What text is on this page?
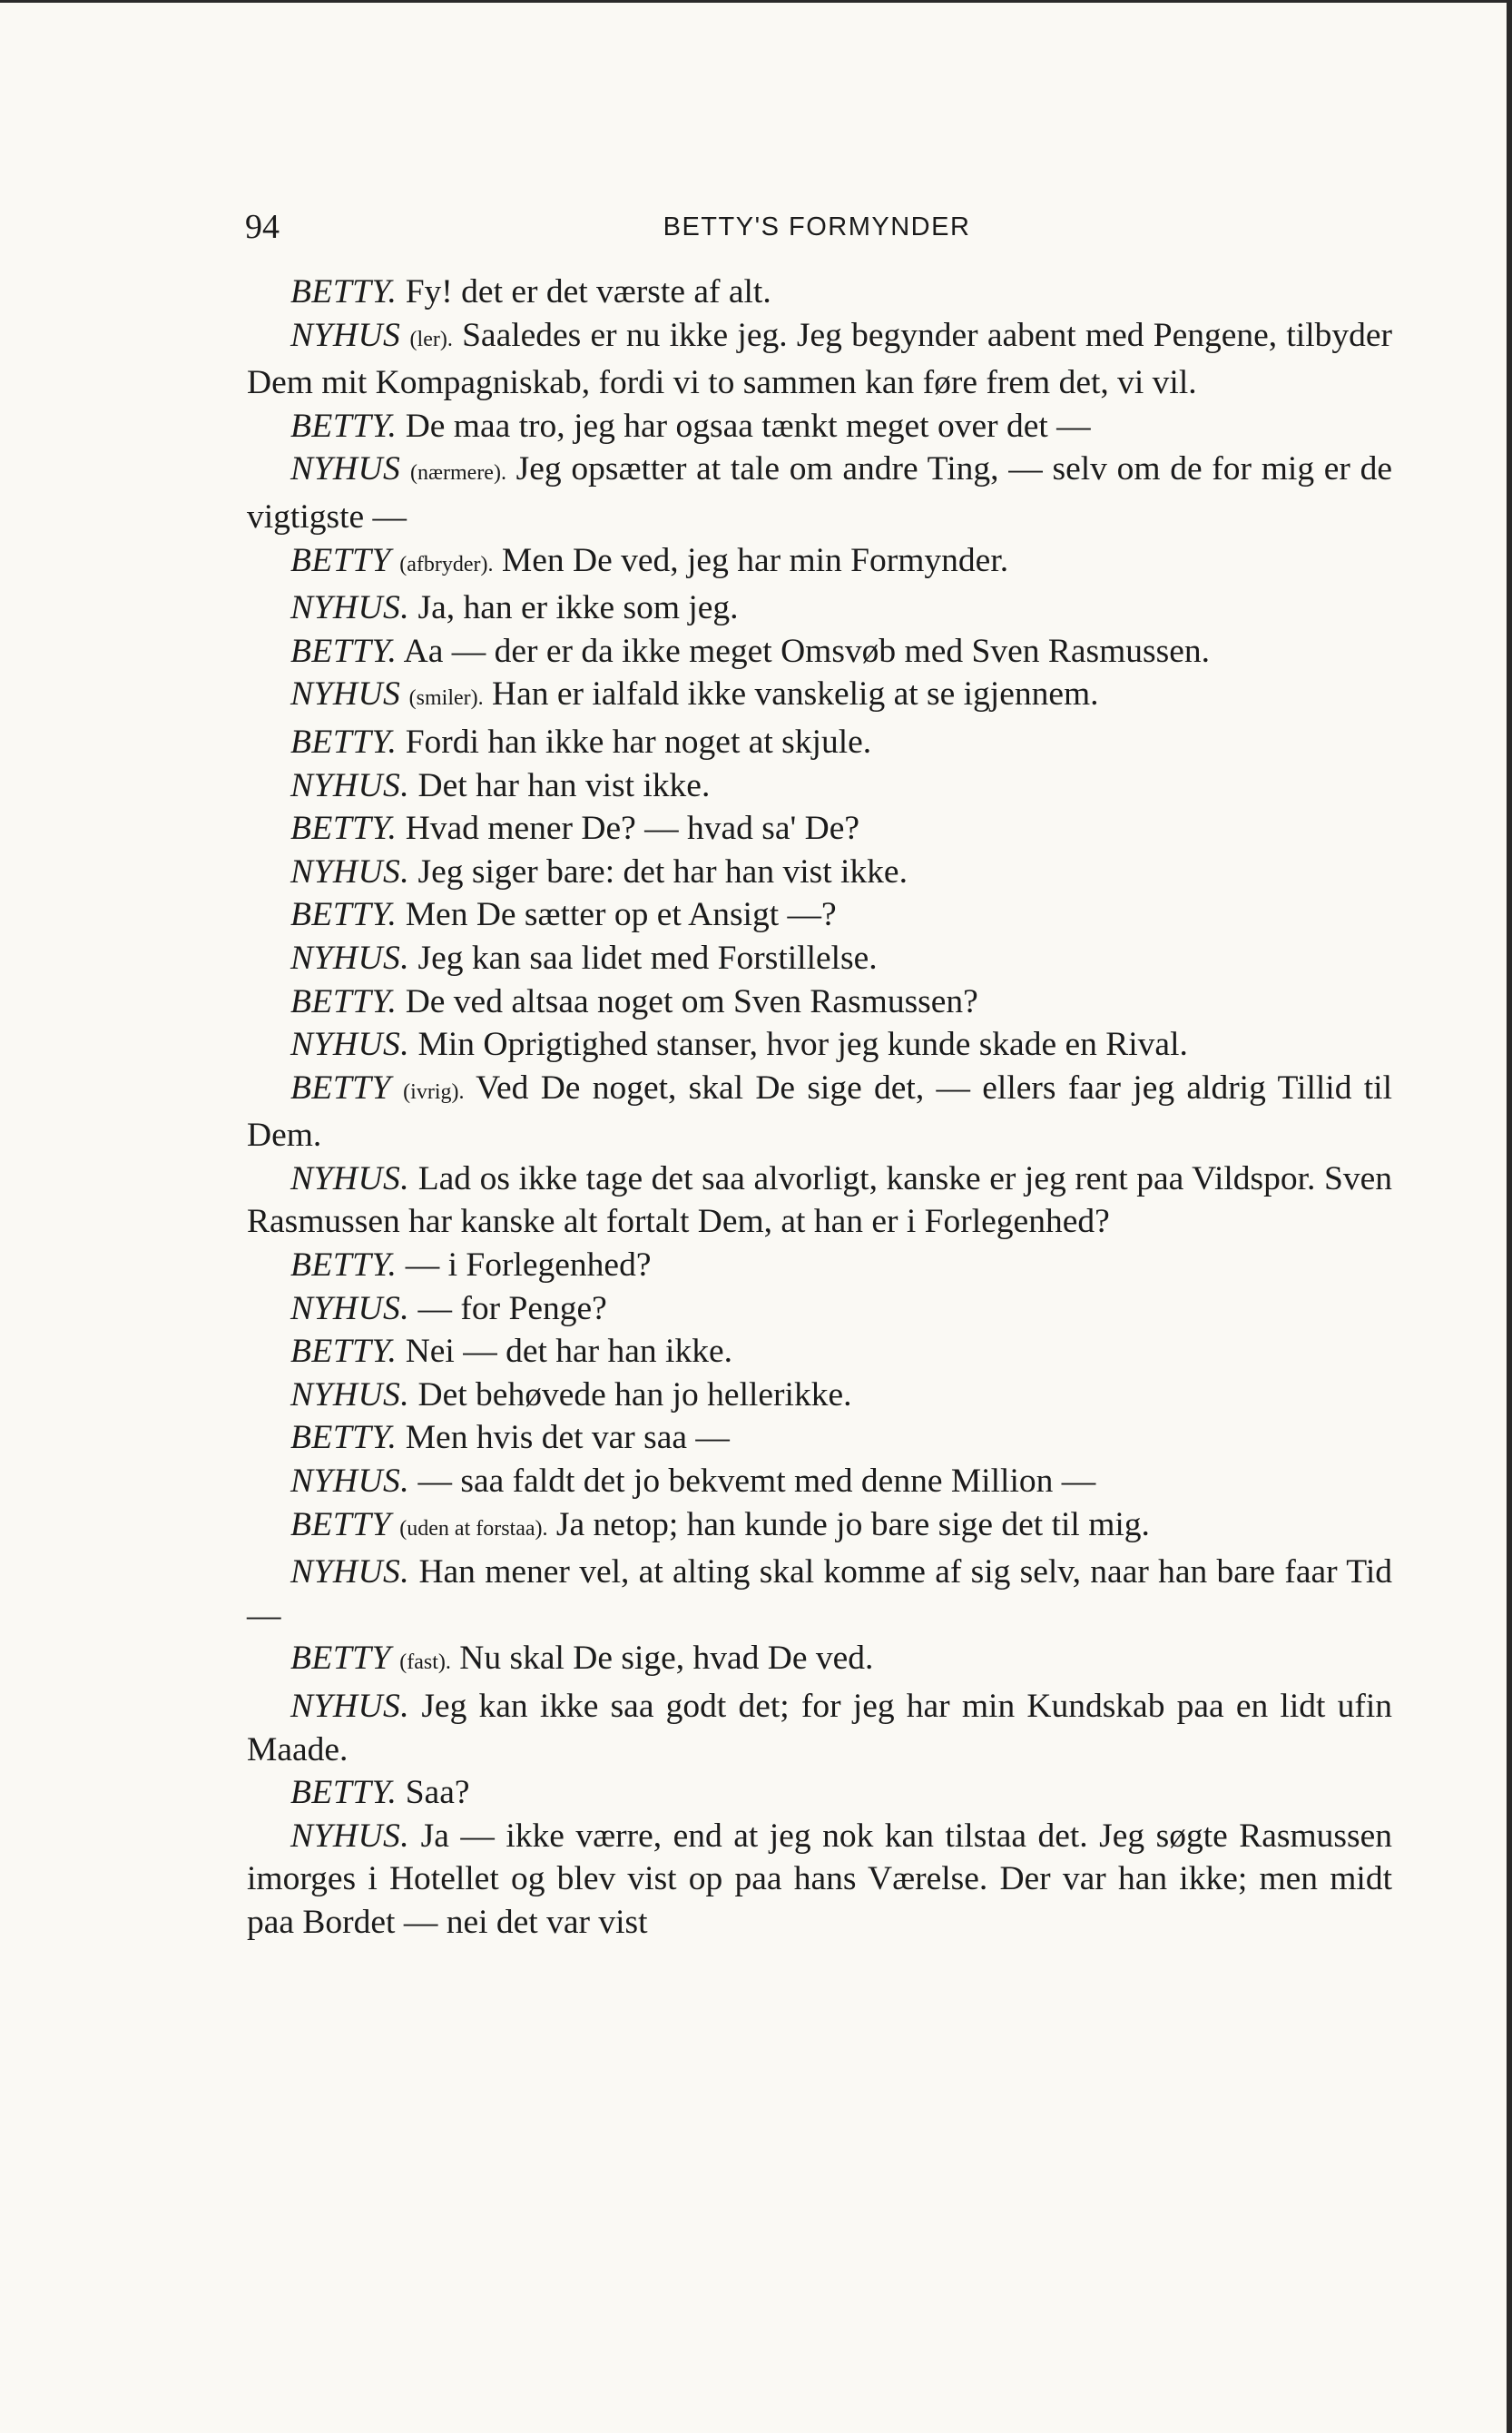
94	BETTY'S FORMYNDER

BETTY. Fy! det er det værste af alt.

NYHUS (ler). Saaledes er nu ikke jeg. Jeg begynder aabent med Pengene, tilbyder Dem mit Kompagniskab, fordi vi to sammen kan føre frem det, vi vil.

BETTY. De maa tro, jeg har ogsaa tænkt meget over det —

NYHUS (nærmere). Jeg opsætter at tale om andre Ting, — selv om de for mig er de vigtigste —

BETTY (afbryder). Men De ved, jeg har min Formynder.

NYHUS. Ja, han er ikke som jeg.

BETTY. Aa — der er da ikke meget Omsvøb med Sven Rasmussen.

NYHUS (smiler). Han er ialfald ikke vanskelig at se igjennem.

BETTY. Fordi han ikke har noget at skjule.

NYHUS. Det har han vist ikke.

BETTY. Hvad mener De? — hvad sa' De?

NYHUS. Jeg siger bare: det har han vist ikke.

BETTY. Men De sætter op et Ansigt —?

NYHUS. Jeg kan saa lidet med Forstillelse.

BETTY. De ved altsaa noget om Sven Rasmussen?

NYHUS. Min Oprigtighed stanser, hvor jeg kunde skade en Rival.

BETTY (ivrig). Ved De noget, skal De sige det, — ellers faar jeg aldrig Tillid til Dem.

NYHUS. Lad os ikke tage det saa alvorligt, kanske er jeg rent paa Vildspor. Sven Rasmussen har kanske alt fortalt Dem, at han er i Forlegenhed?

BETTY. — i Forlegenhed?

NYHUS. — for Penge?

BETTY. Nei — det har han ikke.

NYHUS. Det behøvede han jo hellerikke.

BETTY. Men hvis det var saa —

NYHUS. — saa faldt det jo bekvemt med denne Million —

BETTY (uden at forstaa). Ja netop; han kunde jo bare sige det til mig.

NYHUS. Han mener vel, at alting skal komme af sig selv, naar han bare faar Tid —

BETTY (fast). Nu skal De sige, hvad De ved.

NYHUS. Jeg kan ikke saa godt det; for jeg har min Kundskab paa en lidt ufin Maade.

BETTY. Saa?

NYHUS. Ja — ikke værre, end at jeg nok kan tilstaa det. Jeg søgte Rasmussen imorges i Hotellet og blev vist op paa hans Værelse. Der var han ikke; men midt paa Bordet — nei det var vist
